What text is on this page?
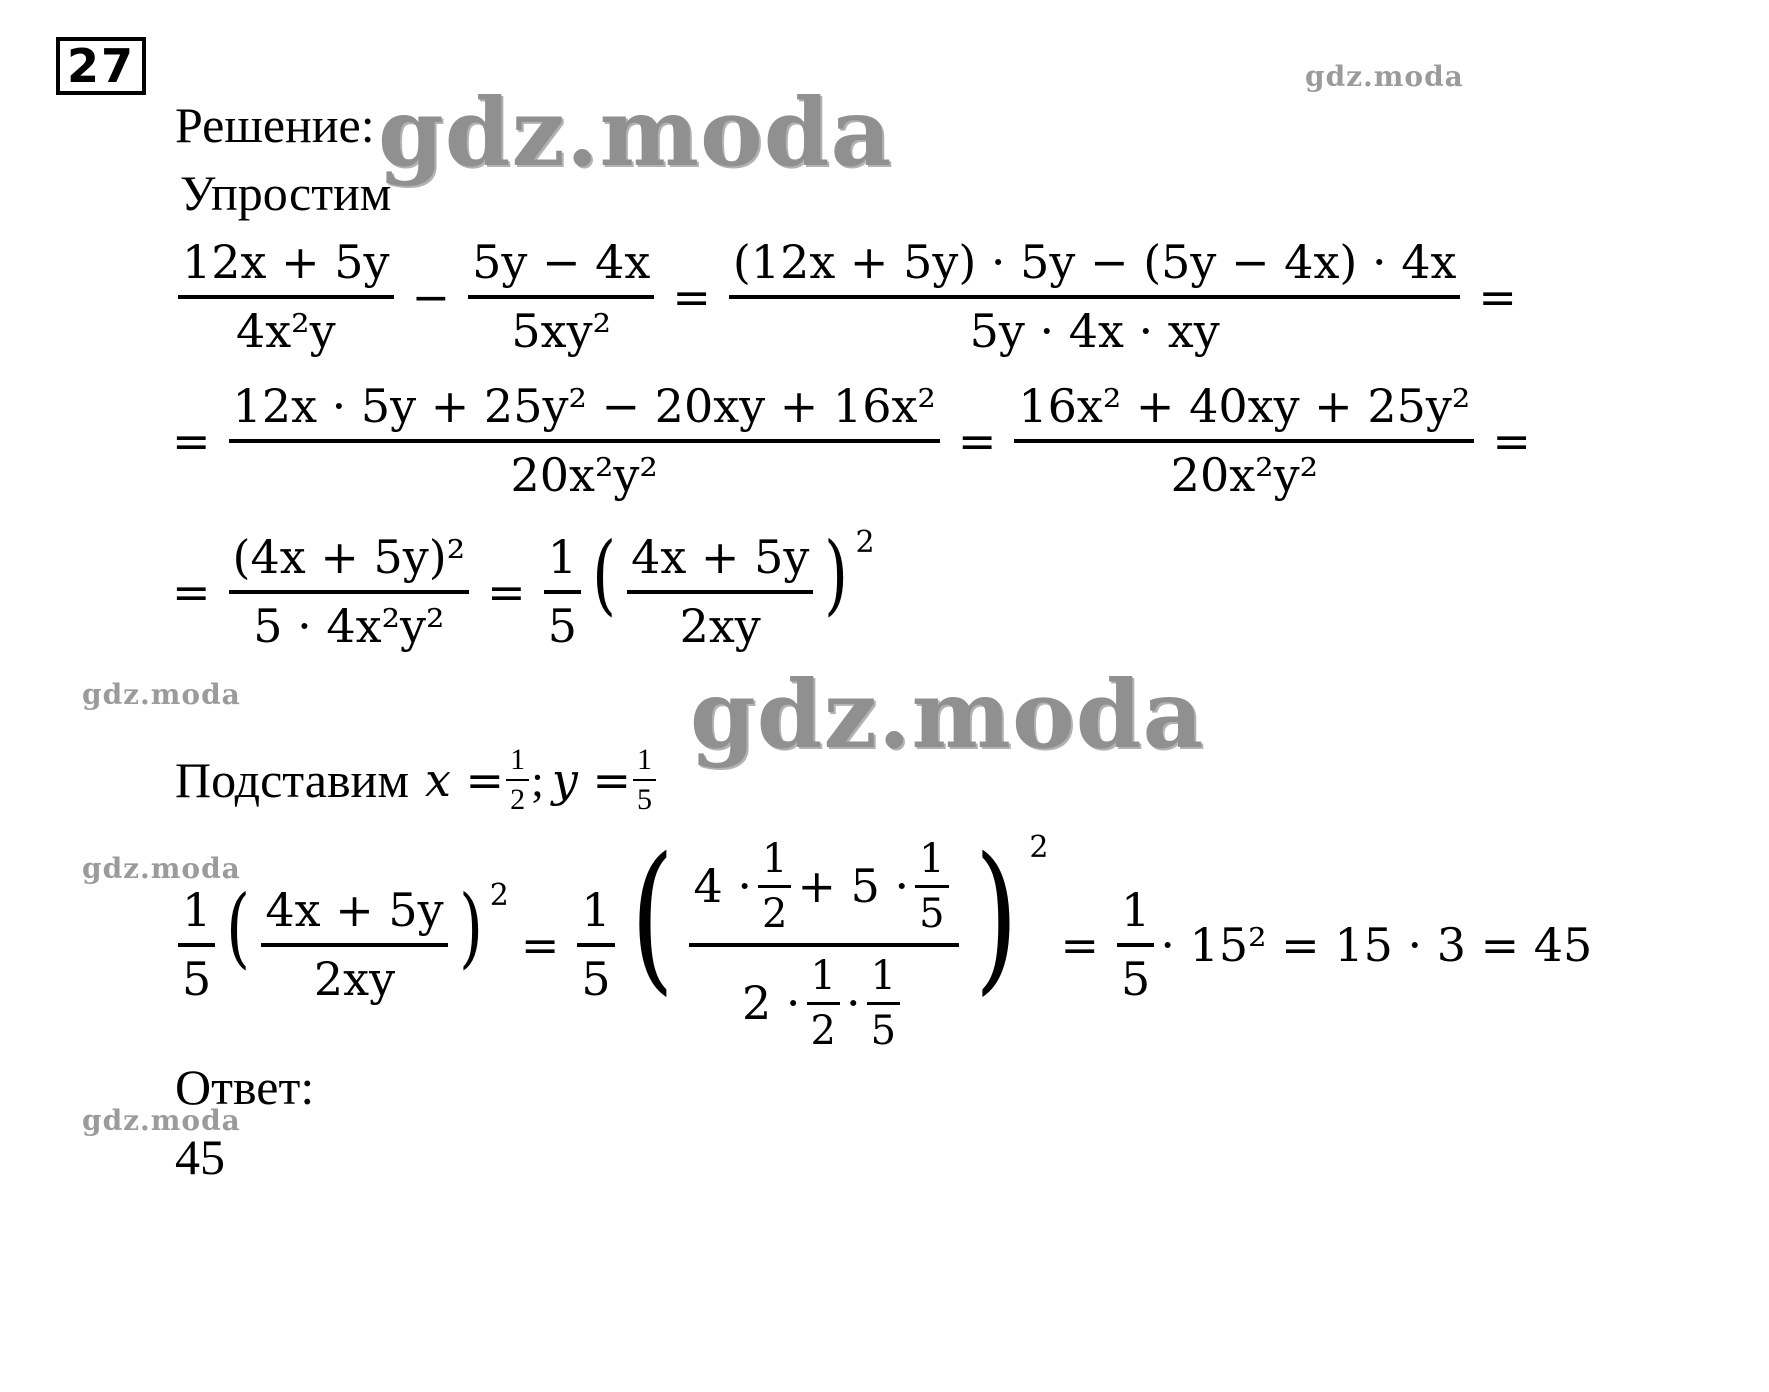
27
Решение:
Упростим
$\frac{12x + 5y}{\text{4x²y}} - \frac{5y - 4x}{\text{5xy²}} = \frac{(12x + 5y) \cdot 5y - (5y - 4x) \cdot 4x}{5y \cdot 4x \cdot xy}$ =
= $\frac{\text{12x · 5y + 25y² − 20xy + 16x²}}{\text{20x²y²}} = \frac{\text{16x² + 40xy + 25y²}}{\text{20x²y²}}$ =
= $\frac{\text{(4x + 5y)²}}{\text{5 · 4x²y²}} = \frac{1}{5}$ ( $\frac{4x + 5y}{2xy}$ ) 2
gdz.moda
gdz.moda
gdz.moda
gdz.moda
gdz.moda
gdz.moda
Подставим $x = \frac{1}{2}$ ; $y = \frac{1}{5}$
$\frac{1}{5}$ ( $\frac{4x + 5y}{2xy}$ ) 2
= $\frac{1}{5}$ ( $\frac{4 \cdot \frac{1}{2} + 5 \cdot \frac{1}{5}}{2 \cdot \frac{1}{2} \cdot \frac{1}{5}}$ ) 2
= $\frac{1}{5} \cdot 15^2 = 15 \cdot 3 = 45$
Ответ:
45
